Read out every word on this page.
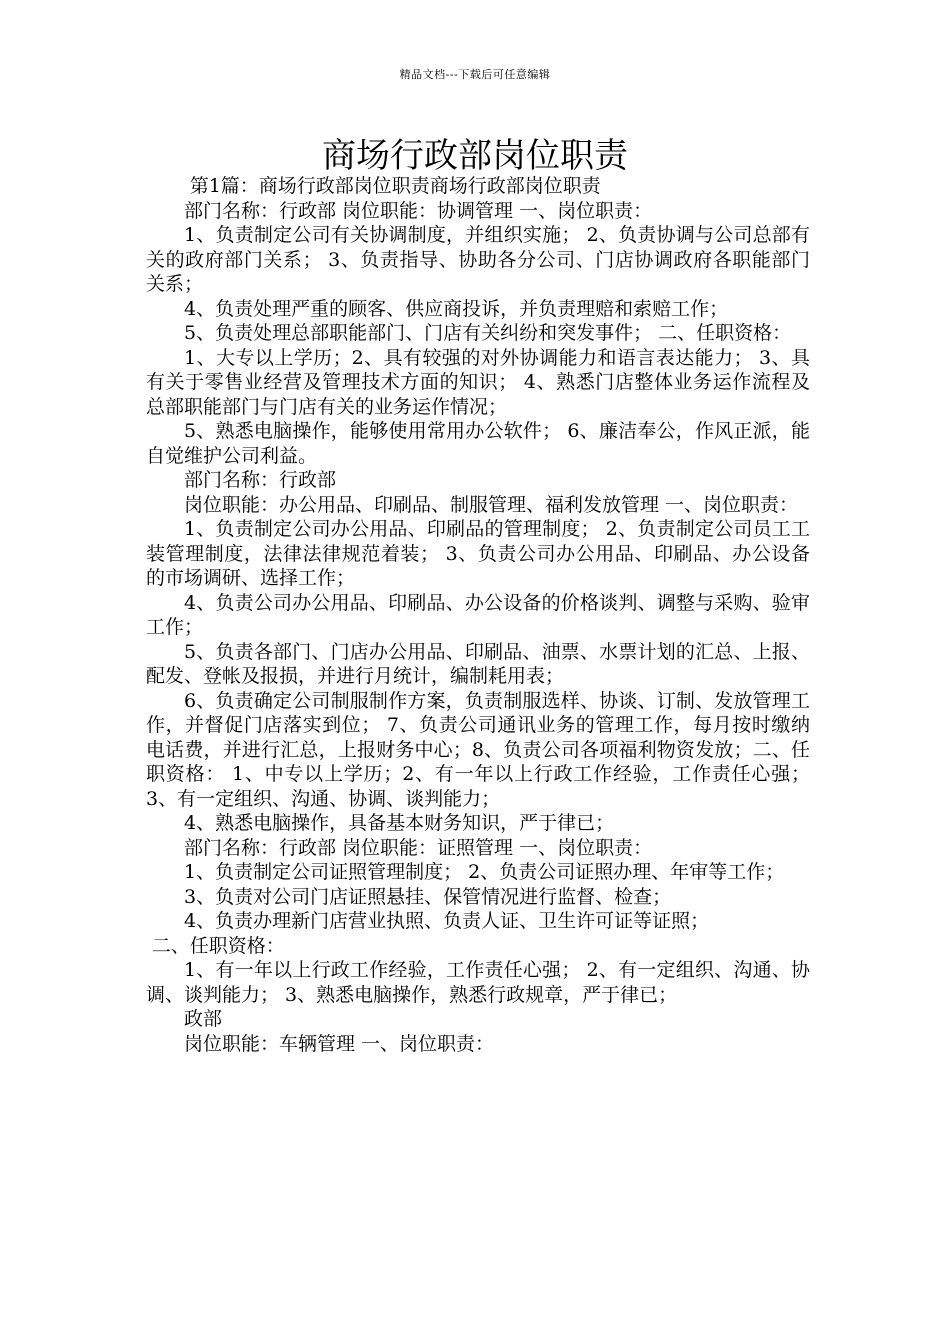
精品文档---下载后可任意编辑
商场行政部岗位职责

第1篇：商场行政部岗位职责商场行政部岗位职责

部门名称：行政部 岗位职能：协调管理 一、岗位职责：

1、负责制定公司有关协调制度，并组织实施； 2、负责协调与公司总部有关的政府部门关系； 3、负责指导、协助各分公司、门店协调政府各职能部门关系；

4、负责处理严重的顾客、供应商投诉，并负责理赔和索赔工作；

5、负责处理总部职能部门、门店有关纠纷和突发事件； 二、任职资格：

1、大专以上学历；2、具有较强的对外协调能力和语言表达能力； 3、具有关于零售业经营及管理技术方面的知识； 4、熟悉门店整体业务运作流程及总部职能部门与门店有关的业务运作情况；

5、熟悉电脑操作，能够使用常用办公软件； 6、廉洁奉公，作风正派，能自觉维护公司利益。

部门名称：行政部

岗位职能：办公用品、印刷品、制服管理、福利发放管理 一、岗位职责：

1、负责制定公司办公用品、印刷品的管理制度； 2、负责制定公司员工工装管理制度，法律法律规范着装； 3、负责公司办公用品、印刷品、办公设备的市场调研、选择工作；

4、负责公司办公用品、印刷品、办公设备的价格谈判、调整与采购、验审工作；

5、负责各部门、门店办公用品、印刷品、油票、水票计划的汇总、上报、配发、登帐及报损，并进行月统计，编制耗用表；

6、负责确定公司制服制作方案，负责制服选样、协谈、订制、发放管理工作，并督促门店落实到位； 7、负责公司通讯业务的管理工作，每月按时缴纳电话费，并进行汇总，上报财务中心；8、负责公司各项福利物资发放；二、任职资格： 1、中专以上学历；2、有一年以上行政工作经验，工作责任心强；3、有一定组织、沟通、协调、谈判能力；

4、熟悉电脑操作，具备基本财务知识，严于律已；

部门名称：行政部 岗位职能：证照管理 一、岗位职责：

1、负责制定公司证照管理制度； 2、负责公司证照办理、年审等工作；

3、负责对公司门店证照悬挂、保管情况进行监督、检查；

4、负责办理新门店营业执照、负责人证、卫生许可证等证照；

二、任职资格：

1、有一年以上行政工作经验，工作责任心强； 2、有一定组织、沟通、协调、谈判能力； 3、熟悉电脑操作，熟悉行政规章，严于律已；

政部

岗位职能：车辆管理 一、岗位职责：
